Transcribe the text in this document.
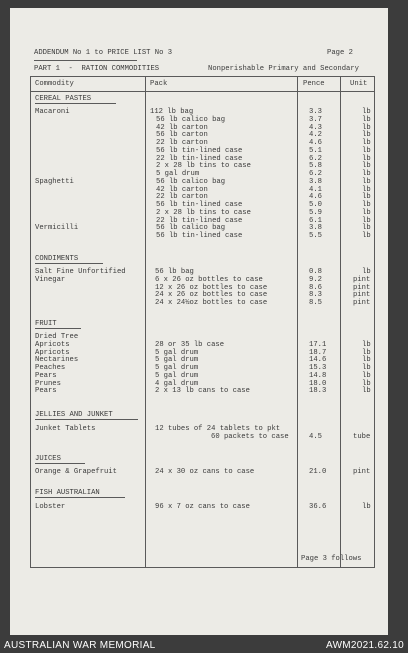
ADDENDUM No 1 to PRICE LIST No 3	Page 2
PART 1  -  RATION COMMODITIES	Nonperishable Primary and Secondary
Commodity	Pack	Pence	Unit
CEREAL PASTES
Macaroni	112 lb bag	3.3	lb
56 lb calico bag	3.7	lb
42 lb carton	4.3	lb
56 lb carton	4.2	lb
22 lb carton	4.6	lb
56 lb tin-lined case	5.1	lb
22 lb tin-lined case	6.2	lb
2 x 28 lb tins to case	5.8	lb
5 gal drum	6.2	lb
Spaghetti	56 lb calico bag	3.8	lb
42 lb carton	4.1	lb
22 lb carton	4.6	lb
56 lb tin-lined case	5.0	lb
2 x 28 lb tins to case	5.9	lb
22 lb tin-lined case	6.1	lb
Vermicilli	56 lb calico bag	3.8	lb
56 lb tin-lined case	5.5	lb
CONDIMENTS
Salt Fine Unfortified	56 lb bag	0.8	lb
Vinegar	6 x 26 oz bottles to case	9.2	pint
12 x 26 oz bottles to case	8.6	pint
24 x 26 oz bottles to case	8.3	pint
24 x 24½oz bottles to case	8.5	pint
FRUIT
Dried Tree
Apricots	28 or 35 lb case	17.1	lb
Apricots	5 gal drum	18.7	lb
Nectarines	5 gal drum	14.6	lb
Peaches	5 gal drum	15.3	lb
Pears	5 gal drum	14.8	lb
Prunes	4 gal drum	18.0	lb
Pears	2 x 13 lb cans to case	18.3	lb
JELLIES AND JUNKET
Junket Tablets	12 tubes of 24 tablets to pkt
60 packets to case	4.5	tube
JUICES
Orange & Grapefruit	24 x 30 oz cans to case	21.0	pint
FISH AUSTRALIAN
Lobster	96 x 7 oz cans to case	36.6	lb
Page 3 follows
AUSTRALIAN WAR MEMORIAL	AWM2021.62.10
